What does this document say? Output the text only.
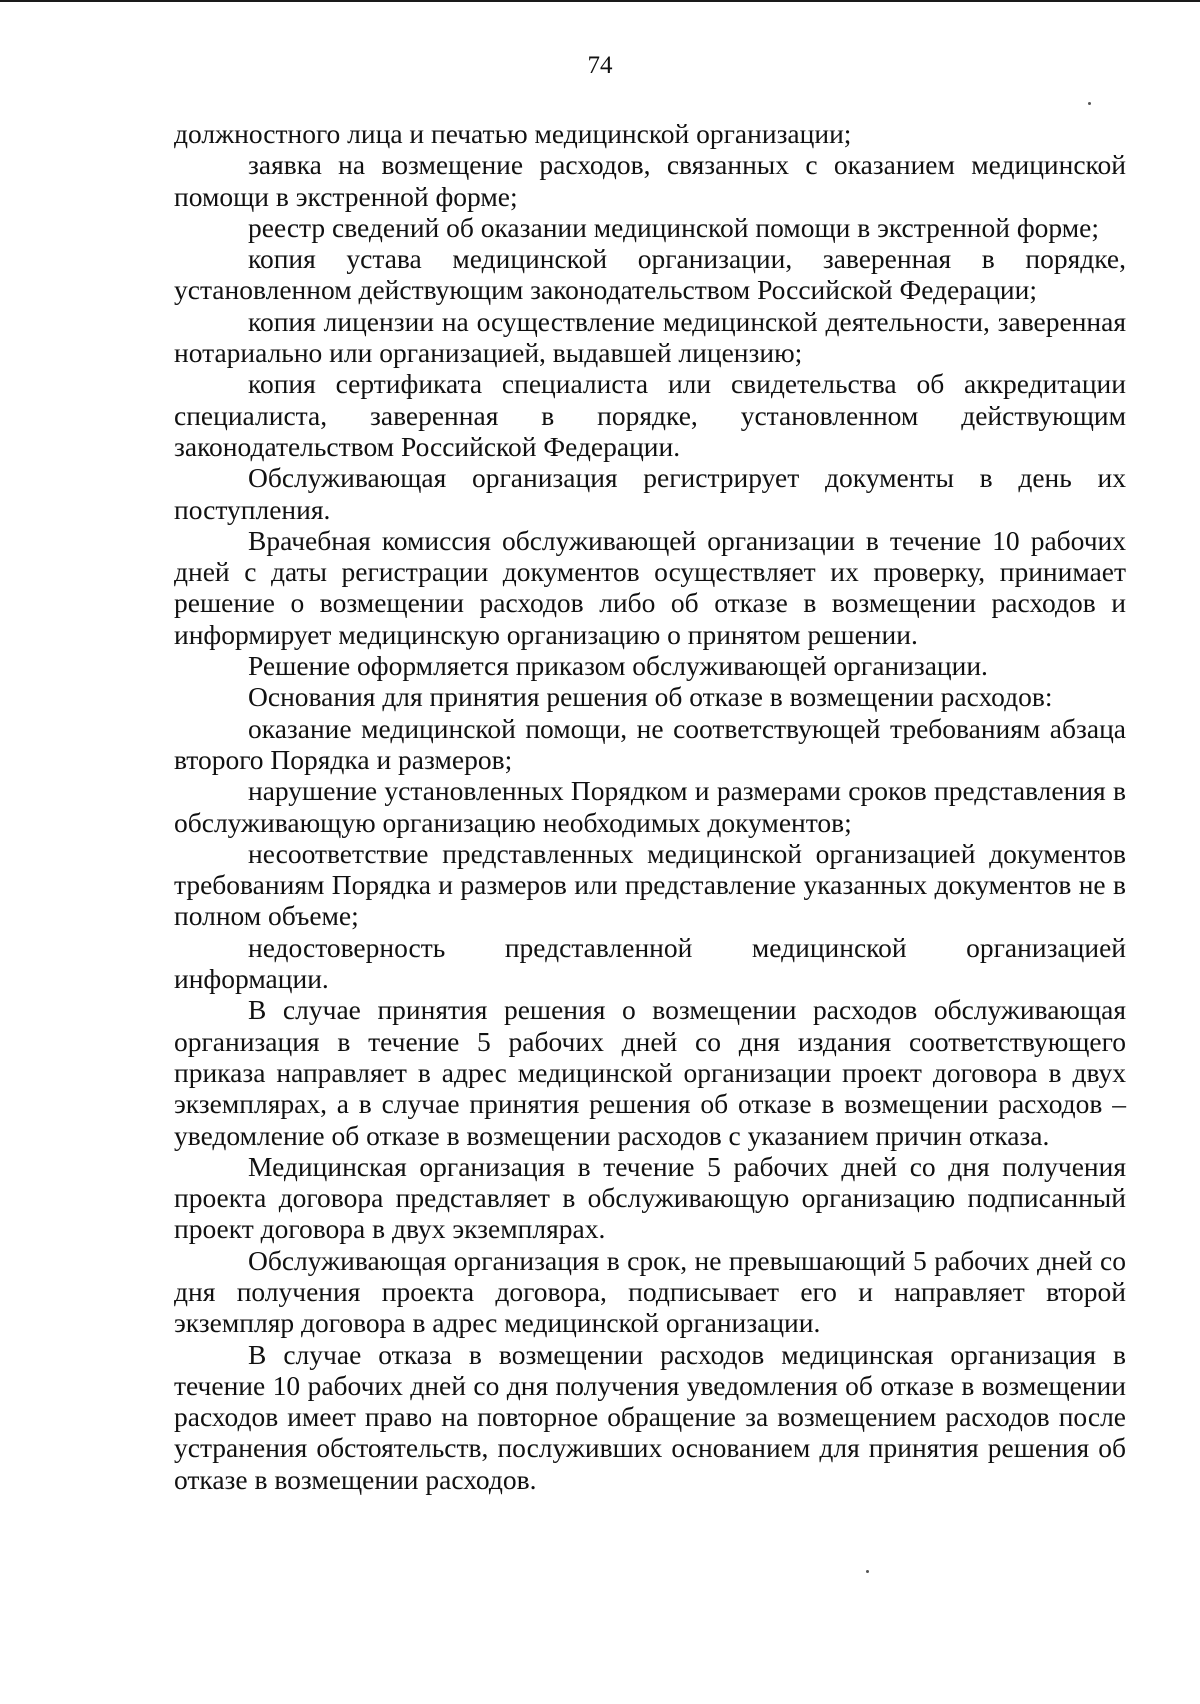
74

должностного лица и печатью медицинской организации;

заявка на возмещение расходов, связанных с оказанием медицинской помощи в экстренной форме;

реестр сведений об оказании медицинской помощи в экстренной форме;

копия устава медицинской организации, заверенная в порядке, установленном действующим законодательством Российской Федерации;

копия лицензии на осуществление медицинской деятельности, заверенная нотариально или организацией, выдавшей лицензию;

копия сертификата специалиста или свидетельства об аккредитации специалиста, заверенная в порядке, установленном действующим законодательством Российской Федерации.

Обслуживающая организация регистрирует документы в день их поступления.

Врачебная комиссия обслуживающей организации в течение 10 рабочих дней с даты регистрации документов осуществляет их проверку, принимает решение о возмещении расходов либо об отказе в возмещении расходов и информирует медицинскую организацию о принятом решении.

Решение оформляется приказом обслуживающей организации.

Основания для принятия решения об отказе в возмещении расходов:

оказание медицинской помощи, не соответствующей требованиям абзаца второго Порядка и размеров;

нарушение установленных Порядком и размерами сроков представления в обслуживающую организацию необходимых документов;

несоответствие представленных медицинской организацией документов требованиям Порядка и размеров или представление указанных документов не в полном объеме;

недостоверность представленной медицинской организацией информации.

В случае принятия решения о возмещении расходов обслуживающая организация в течение 5 рабочих дней со дня издания соответствующего приказа направляет в адрес медицинской организации проект договора в двух экземплярах, а в случае принятия решения об отказе в возмещении расходов – уведомление об отказе в возмещении расходов с указанием причин отказа.

Медицинская организация в течение 5 рабочих дней со дня получения проекта договора представляет в обслуживающую организацию подписанный проект договора в двух экземплярах.

Обслуживающая организация в срок, не превышающий 5 рабочих дней со дня получения проекта договора, подписывает его и направляет второй экземпляр договора в адрес медицинской организации.

В случае отказа в возмещении расходов медицинская организация в течение 10 рабочих дней со дня получения уведомления об отказе в возмещении расходов имеет право на повторное обращение за возмещением расходов после устранения обстоятельств, послуживших основанием для принятия решения об отказе в возмещении расходов.
